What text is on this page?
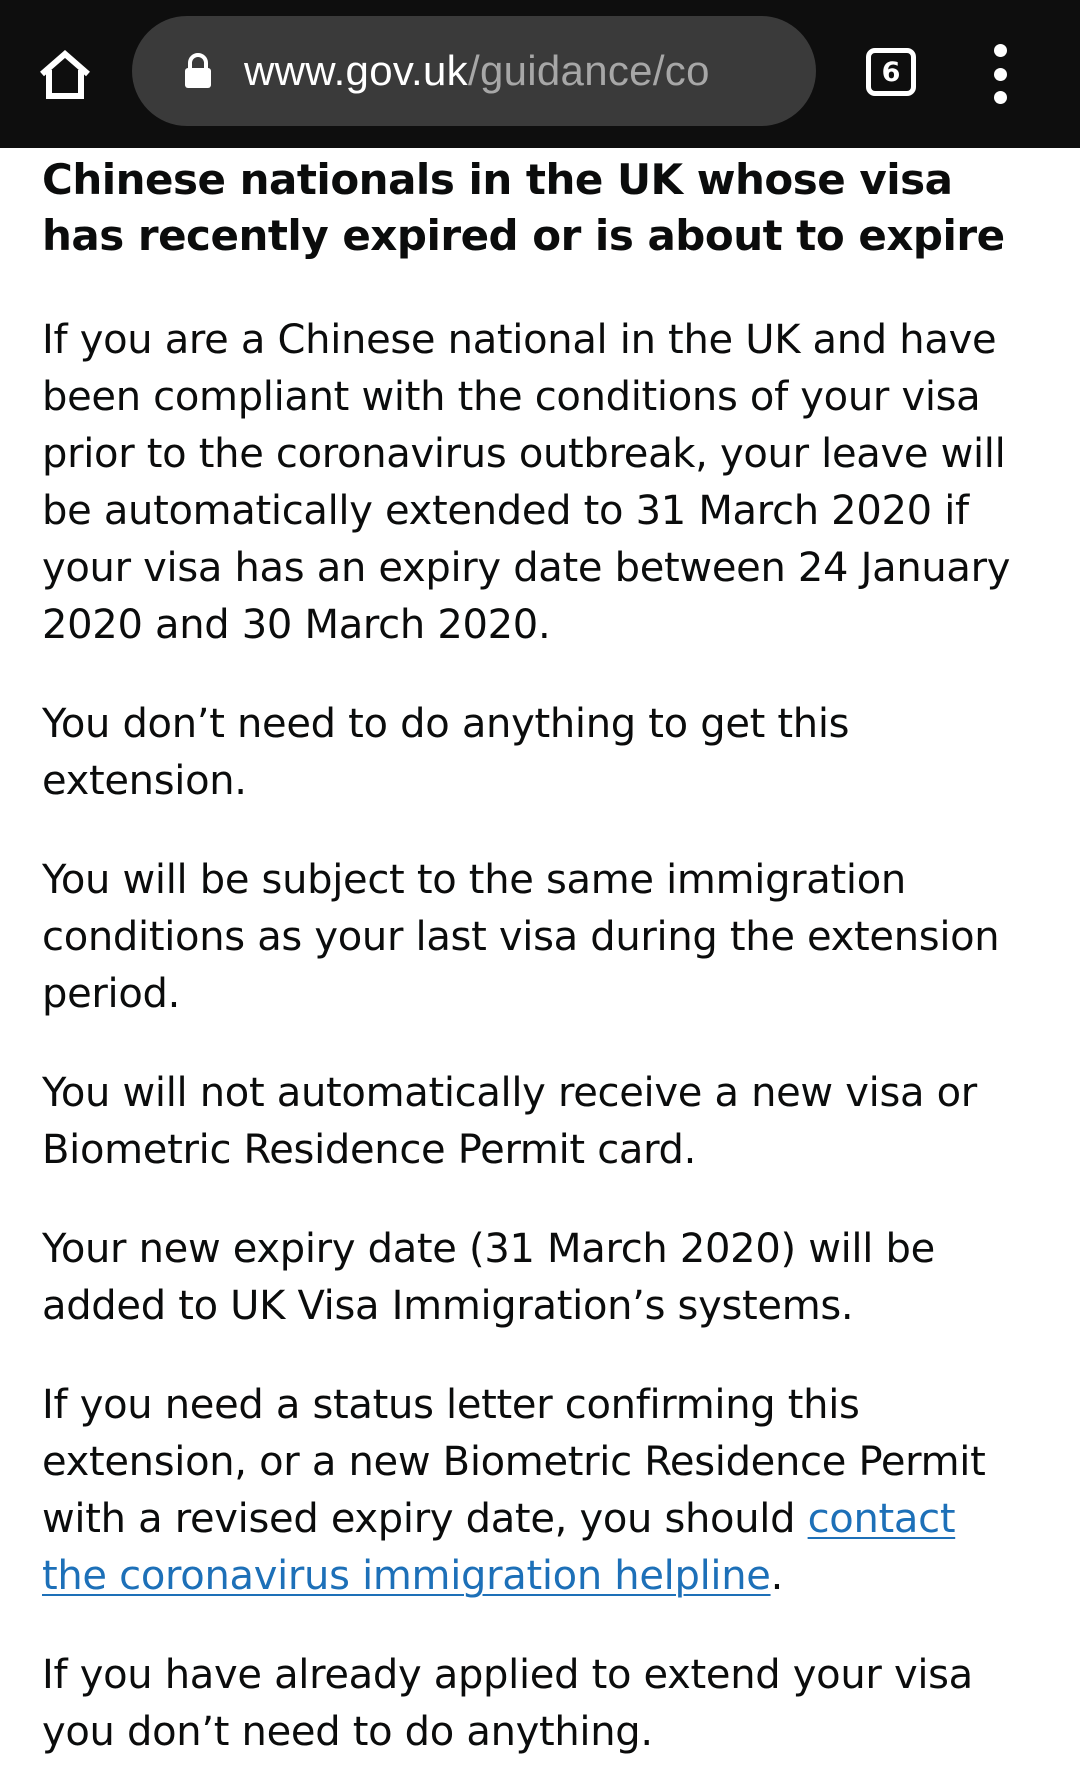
www.gov.uk/guidance/co	6
Chinese nationals in the UK whose visa has recently expired or is about to expire

If you are a Chinese national in the UK and have been compliant with the conditions of your visa prior to the coronavirus outbreak, your leave will be automatically extended to 31 March 2020 if your visa has an expiry date between 24 January 2020 and 30 March 2020.

You don’t need to do anything to get this extension.

You will be subject to the same immigration conditions as your last visa during the extension period.

You will not automatically receive a new visa or Biometric Residence Permit card.

Your new expiry date (31 March 2020) will be added to UK Visa Immigration’s systems.

If you need a status letter confirming this extension, or a new Biometric Residence Permit with a revised expiry date, you should contact the coronavirus immigration helpline.

If you have already applied to extend your visa you don’t need to do anything.
